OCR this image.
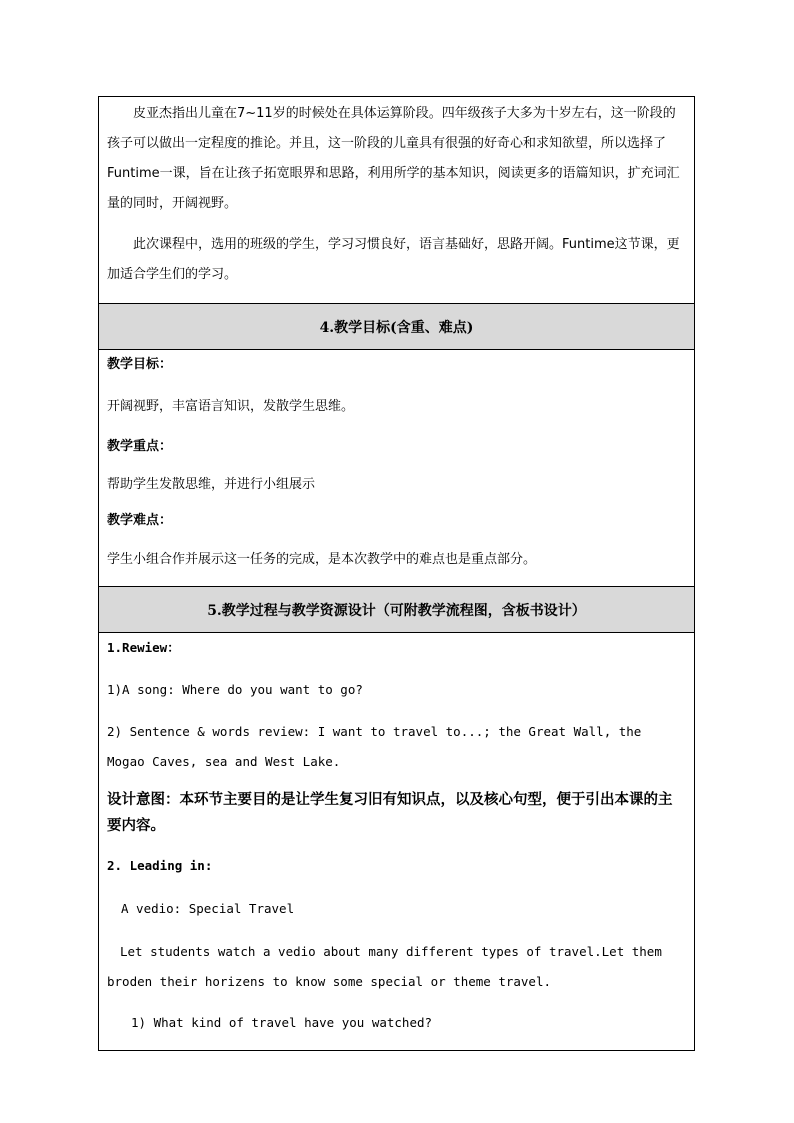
皮亚杰指出儿童在7~11岁的时候处在具体运算阶段。四年级孩子大多为十岁左右，这一阶段的孩子可以做出一定程度的推论。并且，这一阶段的儿童具有很强的好奇心和求知欲望，所以选择了Funtime一课，旨在让孩子拓宽眼界和思路，利用所学的基本知识，阅读更多的语篇知识，扩充词汇量的同时，开阔视野。

此次课程中，选用的班级的学生，学习习惯良好，语言基础好，思路开阔。Funtime这节课，更加适合学生们的学习。

4.教学目标(含重、难点)

教学目标：

开阔视野，丰富语言知识，发散学生思维。

教学重点：

帮助学生发散思维，并进行小组展示

教学难点：

学生小组合作并展示这一任务的完成，是本次教学中的难点也是重点部分。

5.教学过程与教学资源设计（可附教学流程图，含板书设计）

1.Rewiew：

1)A song: Where do you want to go?

2) Sentence & words review: I want to travel to...; the Great Wall, the Mogao Caves, sea and West Lake.

设计意图：本环节主要目的是让学生复习旧有知识点，以及核心句型，便于引出本课的主要内容。

2. Leading in:

A vedio: Special Travel

Let students watch a vedio about many different types of travel.Let them broden their horizens to know some special or theme travel.

1) What kind of travel have you watched?
